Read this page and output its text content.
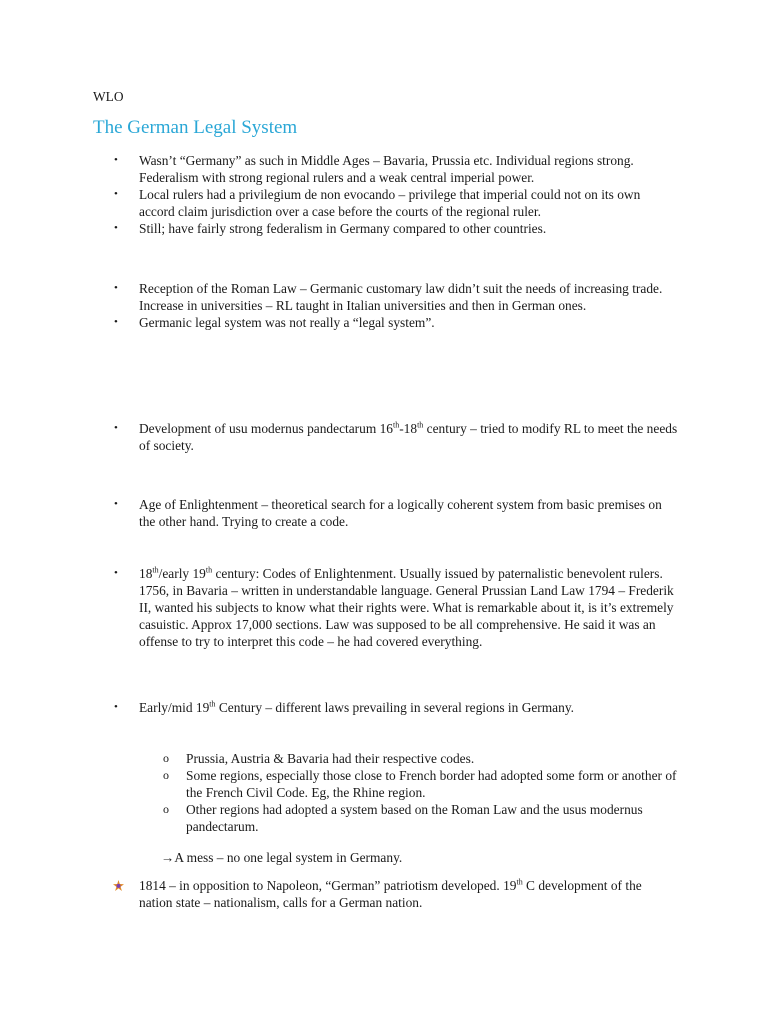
WLO
The German Legal System
•	Wasn’t “Germany” as such in Middle Ages – Bavaria, Prussia etc. Individual regions strong. Federalism with strong regional rulers and a weak central imperial power.
•	Local rulers had a privilegium de non evocando – privilege that imperial could not on its own accord claim jurisdiction over a case before the courts of the regional ruler.
•	Still; have fairly strong federalism in Germany compared to other countries.
•	Reception of the Roman Law – Germanic customary law didn’t suit the needs of increasing trade. Increase in universities – RL taught in Italian universities and then in German ones.
•	Germanic legal system was not really a “legal system”.
•	Development of usu modernus pandectarum 16th-18th century – tried to modify RL to meet the needs of society.
•	Age of Enlightenment – theoretical search for a logically coherent system from basic premises on the other hand. Trying to create a code.
•	18th/early 19th century: Codes of Enlightenment. Usually issued by paternalistic benevolent rulers. 1756, in Bavaria – written in understandable language. General Prussian Land Law 1794 – Frederik II, wanted his subjects to know what their rights were. What is remarkable about it, is it’s extremely casuistic. Approx 17,000 sections. Law was supposed to be all comprehensive. He said it was an offense to try to interpret this code – he had covered everything.
•	Early/mid 19th Century – different laws prevailing in several regions in Germany.
o	Prussia, Austria & Bavaria had their respective codes.
o	Some regions, especially those close to French border had adopted some form or another of the French Civil Code. Eg, the Rhine region.
o	Other regions had adopted a system based on the Roman Law and the usus modernus pandectarum.
→A mess – no one legal system in Germany.
1814 – in opposition to Napoleon, “German” patriotism developed. 19th C development of the nation state – nationalism, calls for a German nation.
